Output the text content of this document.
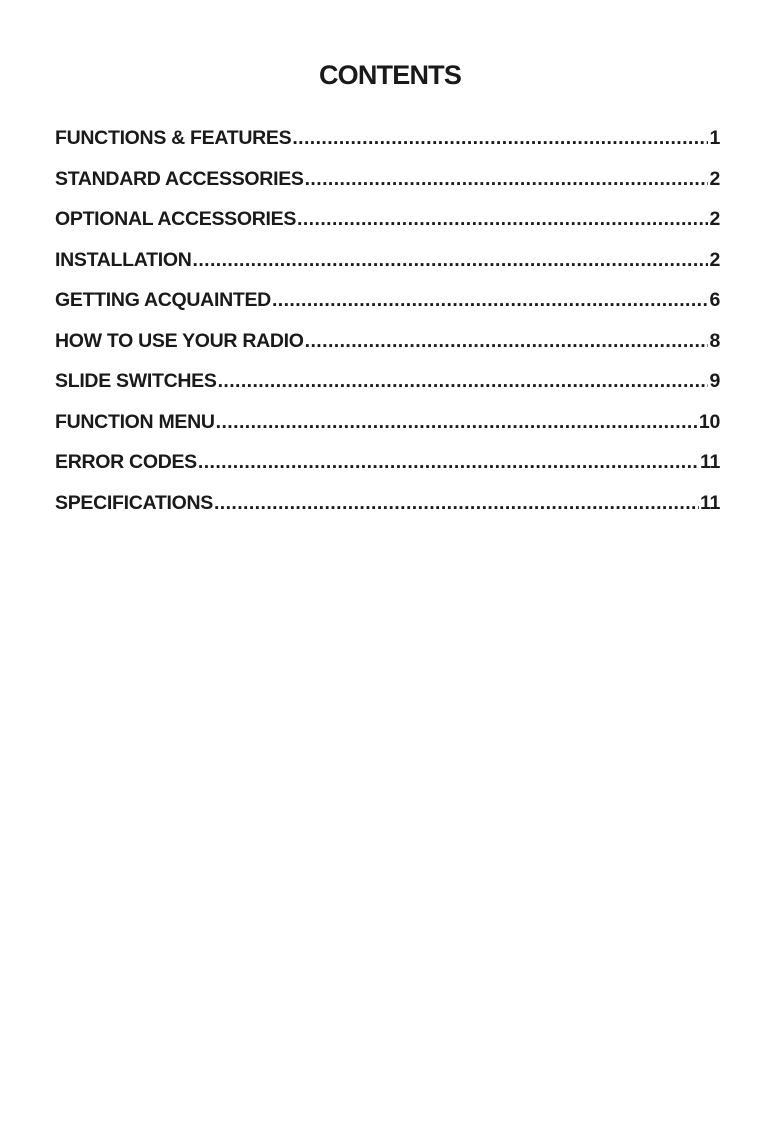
CONTENTS
FUNCTIONS & FEATURES .....	1
STANDARD ACCESSORIES .....	2
OPTIONAL ACCESSORIES .....	2
INSTALLATION .....	2
GETTING ACQUAINTED .....	6
HOW TO USE YOUR RADIO .....	8
SLIDE SWITCHES .....	9
FUNCTION MENU .....	10
ERROR CODES .....	11
SPECIFICATIONS .....	11
